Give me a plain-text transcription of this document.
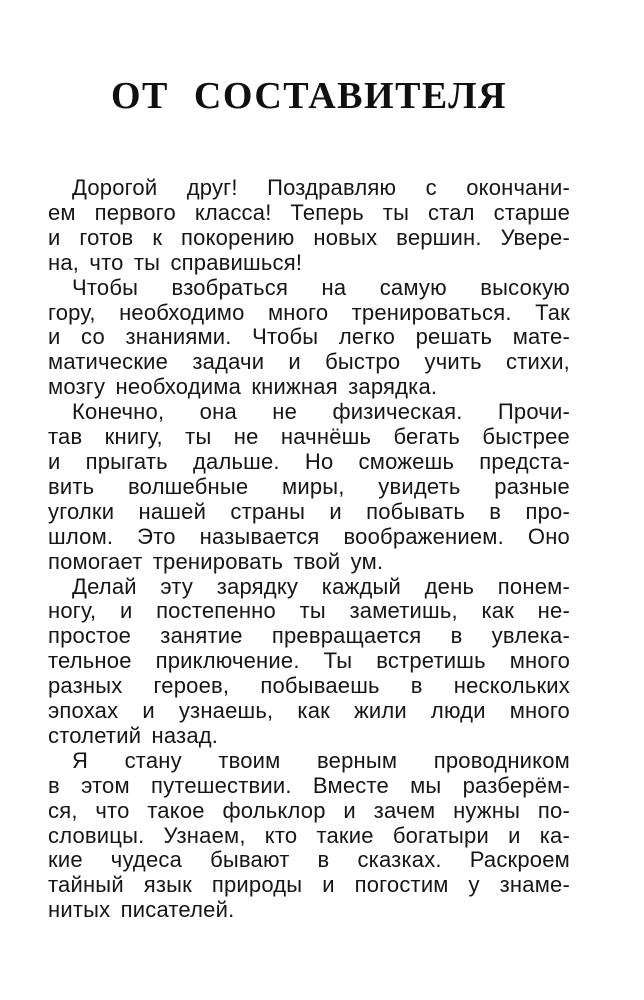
ОТ СОСТАВИТЕЛЯ
Дорогой друг! Поздравляю с окончани-
ем первого класса! Теперь ты стал старше
и готов к покорению новых вершин. Увере-
на, что ты справишься!
Чтобы взобраться на самую высокую
гору, необходимо много тренироваться. Так
и со знаниями. Чтобы легко решать мате-
матические задачи и быстро учить стихи,
мозгу необходима книжная зарядка.
Конечно, она не физическая. Прочи-
тав книгу, ты не начнёшь бегать быстрее
и прыгать дальше. Но сможешь предста-
вить волшебные миры, увидеть разные
уголки нашей страны и побывать в про-
шлом. Это называется воображением. Оно
помогает тренировать твой ум.
Делай эту зарядку каждый день понем-
ногу, и постепенно ты заметишь, как не-
простое занятие превращается в увлека-
тельное приключение. Ты встретишь много
разных героев, побываешь в нескольких
эпохах и узнаешь, как жили люди много
столетий назад.
Я стану твоим верным проводником
в этом путешествии. Вместе мы разберём-
ся, что такое фольклор и зачем нужны по-
словицы. Узнаем, кто такие богатыри и ка-
кие чудеса бывают в сказках. Раскроем
тайный язык природы и погостим у знаме-
нитых писателей.
